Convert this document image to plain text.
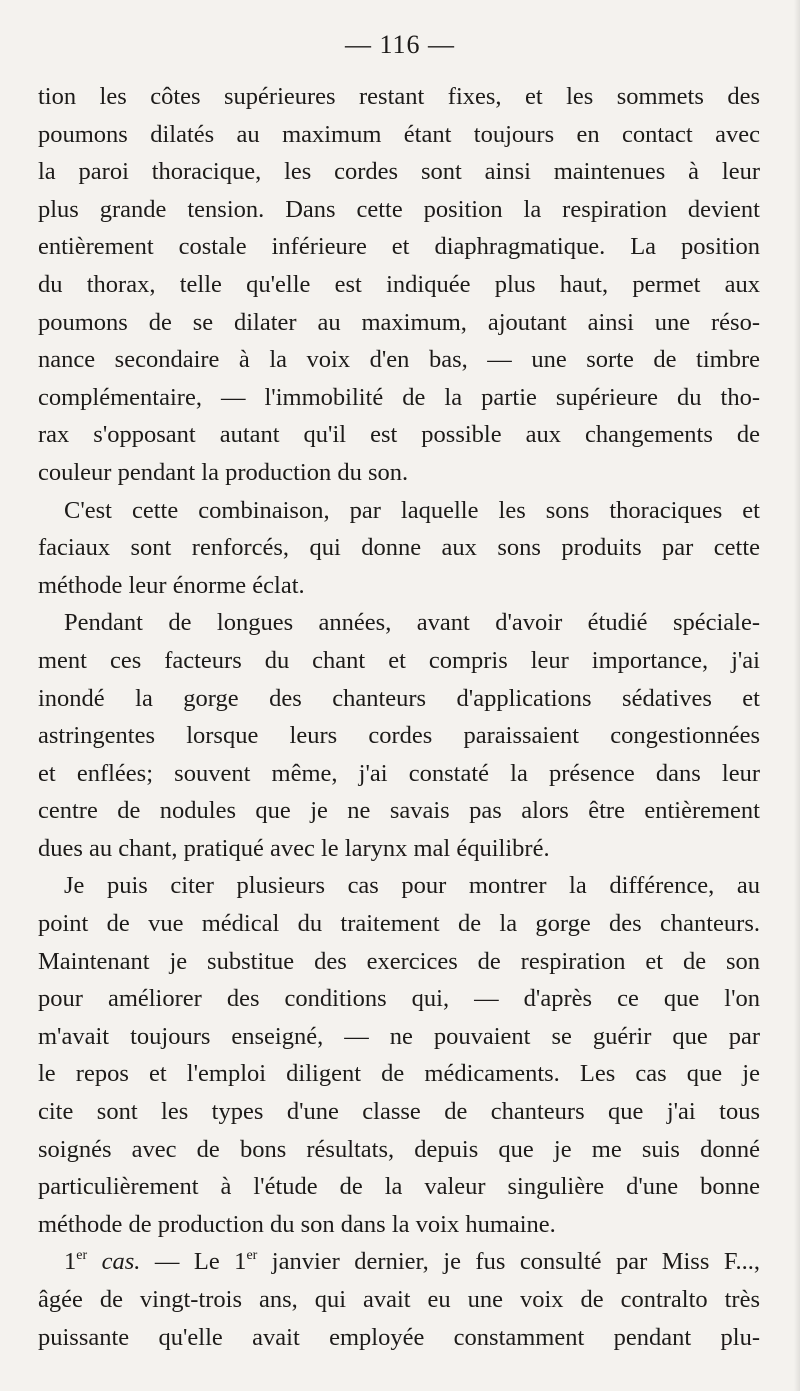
— 116 —
tion les côtes supérieures restant fixes, et les sommets des
poumons dilatés au maximum étant toujours en contact avec
la paroi thoracique, les cordes sont ainsi maintenues à leur
plus grande tension. Dans cette position la respiration devient
entièrement costale inférieure et diaphragmatique. La position
du thorax, telle qu'elle est indiquée plus haut, permet aux
poumons de se dilater au maximum, ajoutant ainsi une réso-
nance secondaire à la voix d'en bas, — une sorte de timbre
complémentaire, — l'immobilité de la partie supérieure du tho-
rax s'opposant autant qu'il est possible aux changements de
couleur pendant la production du son.
C'est cette combinaison, par laquelle les sons thoraciques et
faciaux sont renforcés, qui donne aux sons produits par cette
méthode leur énorme éclat.
Pendant de longues années, avant d'avoir étudié spéciale-
ment ces facteurs du chant et compris leur importance, j'ai
inondé la gorge des chanteurs d'applications sédatives et
astringentes lorsque leurs cordes paraissaient congestionnées
et enflées; souvent même, j'ai constaté la présence dans leur
centre de nodules que je ne savais pas alors être entièrement
dues au chant, pratiqué avec le larynx mal équilibré.
Je puis citer plusieurs cas pour montrer la différence, au
point de vue médical du traitement de la gorge des chanteurs.
Maintenant je substitue des exercices de respiration et de son
pour améliorer des conditions qui, — d'après ce que l'on
m'avait toujours enseigné, — ne pouvaient se guérir que par
le repos et l'emploi diligent de médicaments. Les cas que je
cite sont les types d'une classe de chanteurs que j'ai tous
soignés avec de bons résultats, depuis que je me suis donné
particulièrement à l'étude de la valeur singulière d'une bonne
méthode de production du son dans la voix humaine.
1er cas. — Le 1er janvier dernier, je fus consulté par Miss F...,
âgée de vingt-trois ans, qui avait eu une voix de contralto très
puissante qu'elle avait employée constamment pendant plu-
